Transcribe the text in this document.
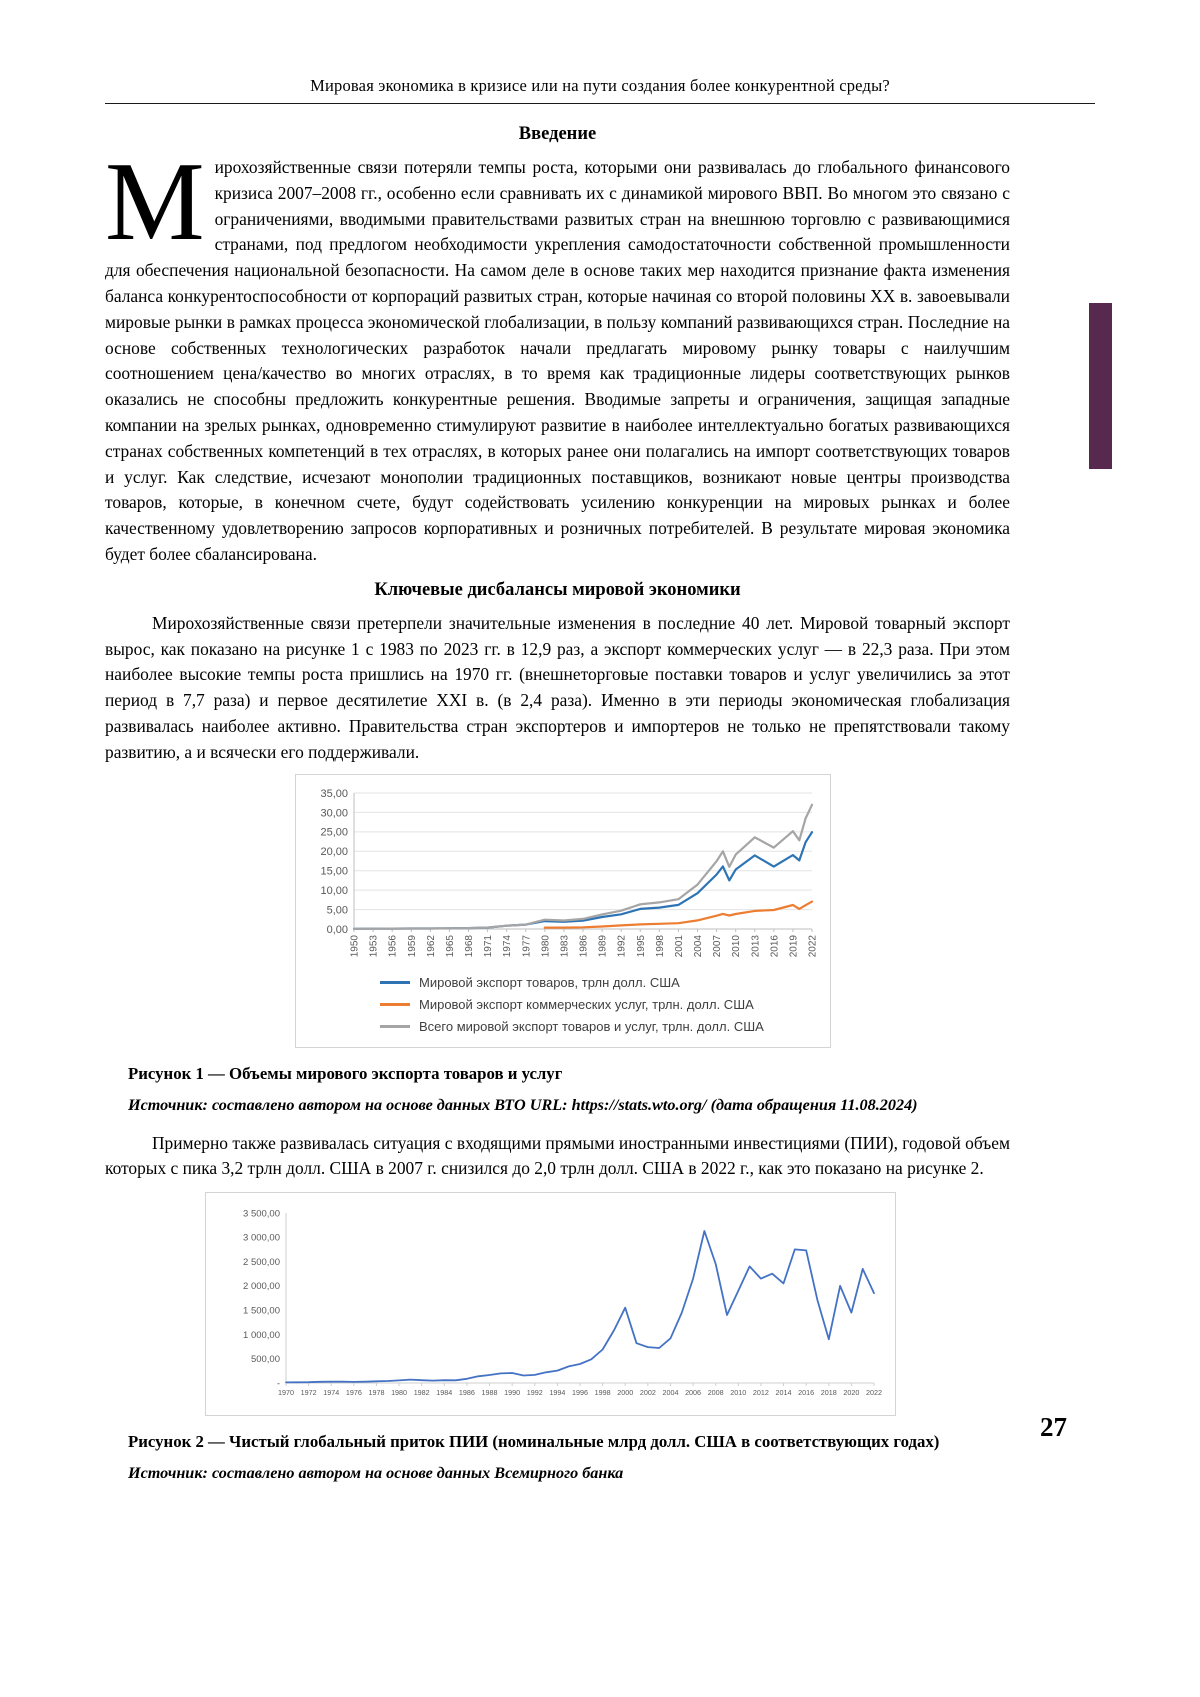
Мировая экономика в кризисе или на пути создания более конкурентной среды?
Введение

Мирохозяйственные связи потеряли темпы роста, которыми они развивалась до глобального финансового кризиса 2007–2008 гг., особенно если сравнивать их с динамикой мирового ВВП. Во многом это связано с ограничениями, вводимыми правительствами развитых стран на внешнюю торговлю с развивающимися странами, под предлогом необходимости укрепления самодостаточности собственной промышленности для обеспечения национальной безопасности. На самом деле в основе таких мер находится признание факта изменения баланса конкурентоспособности от корпораций развитых стран, которые начиная со второй половины XX в. завоевывали мировые рынки в рамках процесса экономической глобализации, в пользу компаний развивающихся стран. Последние на основе собственных технологических разработок начали предлагать мировому рынку товары с наилучшим соотношением цена/качество во многих отраслях, в то время как традиционные лидеры соответствующих рынков оказались не способны предложить конкурентные решения. Вводимые запреты и ограничения, защищая западные компании на зрелых рынках, одновременно стимулируют развитие в наиболее интеллектуально богатых развивающихся странах собственных компетенций в тех отраслях, в которых ранее они полагались на импорт соответствующих товаров и услуг. Как следствие, исчезают монополии традиционных поставщиков, возникают новые центры производства товаров, которые, в конечном счете, будут содействовать усилению конкуренции на мировых рынках и более качественному удовлетворению запросов корпоративных и розничных потребителей. В результате мировая экономика будет более сбалансирована.

Ключевые дисбалансы мировой экономики

Мирохозяйственные связи претерпели значительные изменения в последние 40 лет. Мировой товарный экспорт вырос, как показано на рисунке 1 с 1983 по 2023 гг. в 12,9 раз, а экспорт коммерческих услуг — в 22,3 раза. При этом наиболее высокие темпы роста пришлись на 1970 гг. (внешнеторговые поставки товаров и услуг увеличились за этот период в 7,7 раза) и первое десятилетие XXI в. (в 2,4 раза). Именно в эти периоды экономическая глобализация развивалась наиболее активно. Правительства стран экспортеров и импортеров не только не препятствовали такому развитию, а и всячески его поддерживали.

0,00
5,00
10,00
15,00
20,00
25,00
30,00
35,00
1950 1953 1956 1959 1962 1965 1968 1971 1974 1977 1980 1983 1986 1989 1992 1995 1998 2001 2004 2007 2010 2013 2016 2019 2022
Мировой экспорт товаров, трлн долл. США
Мировой экспорт коммерческих услуг, трлн. долл. США
Всего мировой экспорт товаров и услуг, трлн. долл. США

Рисунок 1 — Объемы мирового экспорта товаров и услуг

Источник: составлено автором на основе данных ВТО URL: https://stats.wto.org/ (дата обращения 11.08.2024)

Примерно также развивалась ситуация с входящими прямыми иностранными инвестициями (ПИИ), годовой объем которых с пика 3,2 трлн долл. США в 2007 г. снизился до 2,0 трлн долл. США в 2022 г., как это показано на рисунке 2.

-
500,00
1 000,00
1 500,00
2 000,00
2 500,00
3 000,00
3 500,00
1970 1972 1974 1976 1978 1980 1982 1984 1986 1988 1990 1992 1994 1996 1998 2000 2002 2004 2006 2008 2010 2012 2014 2016 2018 2020 2022

Рисунок 2 — Чистый глобальный приток ПИИ (номинальные млрд долл. США в соответствующих годах)

Источник: составлено автором на основе данных Всемирного банка

27
